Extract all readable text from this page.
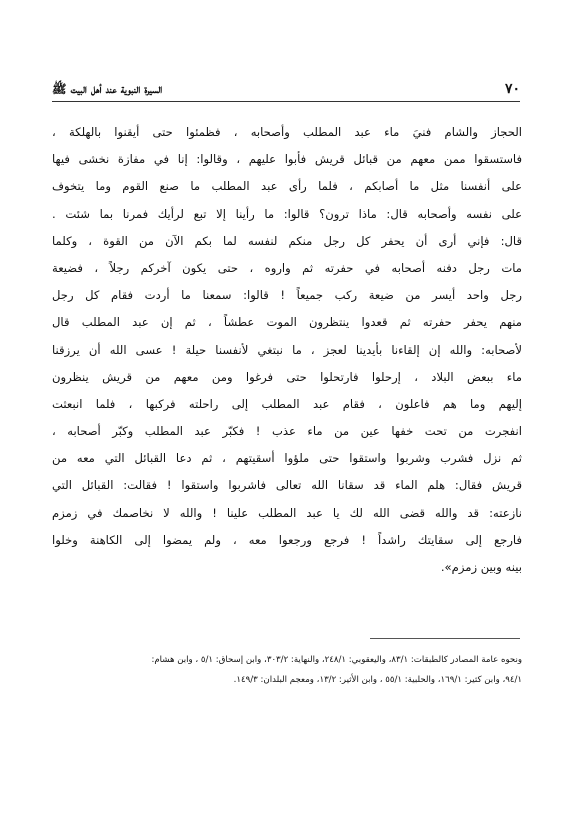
٧٠
السيرة النبوية عند أهل البيت ﷺ
الحجاز والشام فنيَ ماء عبد المطلب وأصحابه ، فظمئوا حتى أيقنوا بالهلكة ،
فاستسقوا ممن معهم من قبائل قريش فأبوا عليهم ، وقالوا: إنا في مفازة نخشى فيها
على أنفسنا مثل ما أصابكم ، فلما رأى عبد المطلب ما صنع القوم وما يتخوف
على نفسه وأصحابه قال: ماذا ترون؟ قالوا: ما رأينا إلا تبع لرأيك فمرنا بما شئت .
قال: فإني أرى أن يحفر كل رجل منكم لنفسه لما بكم الآن من القوة ، وكلما
مات رجل دفنه أصحابه في حفرته ثم واروه ، حتى يكون آخركم رجلاً ، فضيعة
رجل واحد أيسر من ضيعة ركب جميعاً ! قالوا: سمعنا ما أردت فقام كل رجل
منهم يحفر حفرته ثم قعدوا ينتظرون الموت عطشاً ، ثم إن عبد المطلب قال
لأصحابه: والله إن إلقاءنا بأيدينا لعجز ، ما نبتغي لأنفسنا حيلة ! عسى الله أن يرزقنا
ماء ببعض البلاد ، إرحلوا فارتحلوا حتى فرغوا ومن معهم من قريش ينظرون
إليهم وما هم فاعلون ، فقام عبد المطلب إلى راحلته فركبها ، فلما انبعثت
انفجرت من تحت خفها عين من ماء عذب ! فكبّر عبد المطلب وكبّر أصحابه ،
ثم نزل فشرب وشربوا واستقوا حتى ملؤوا أسقيتهم ، ثم دعا القبائل التي معه من
قريش فقال: هلم الماء قد سقانا الله تعالى فاشربوا واستقوا ! فقالت: القبائل التي
نازعته: قد والله قضى الله لك يا عبد المطلب علينا ! والله لا نخاصمك في زمزم
فارجع إلى سقايتك راشداً ! فرجع ورجعوا معه ، ولم يمضوا إلى الكاهنة وخلوا
بينه وبين زمزم».
ونحوه عامة المصادر كالطبقات: ٨٣/١، واليعقوبي: ٢٤٨/١، والنهاية: ٣٠٣/٢، وابن إسحاق: ٥/١ ، وابن هشام:
٩٤/١، وابن كثير: ١٦٩/١، والحلبية: ٥٥/١ ، وابن الأثير: ١٣/٢، ومعجم البلدان: ١٤٩/٣.
